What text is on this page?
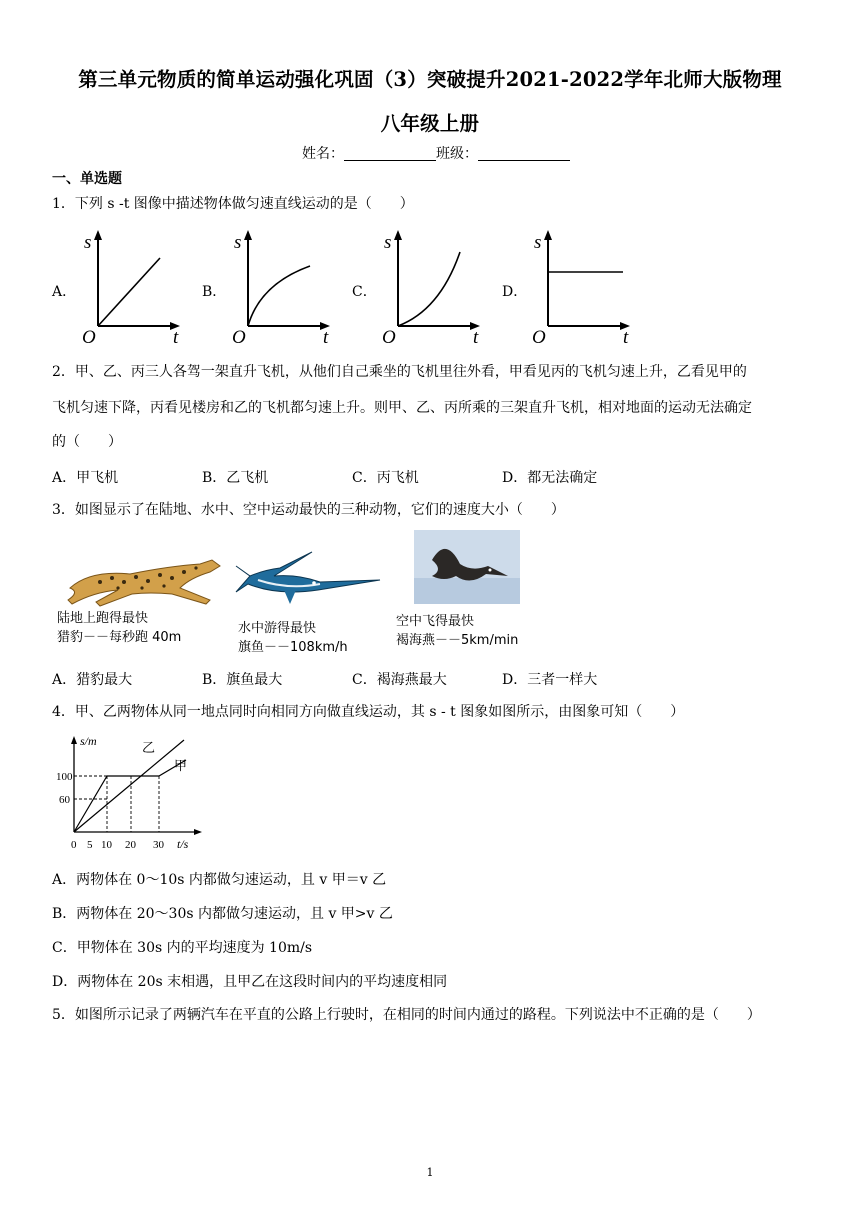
第三单元物质的简单运动强化巩固（3）突破提升2021-2022学年北师大版物理
八年级上册
姓名：	班级：
一、单选题
1．下列 s -t 图像中描述物体做匀速直线运动的是（　　）
A．	B．	C．	D．
s
O	t
s
O	t
s
O	t
s
O	t
2．甲、乙、丙三人各驾一架直升飞机，从他们自己乘坐的飞机里往外看，甲看见丙的飞机匀速上升，乙看见甲的
飞机匀速下降，丙看见楼房和乙的飞机都匀速上升。则甲、乙、丙所乘的三架直升飞机，相对地面的运动无法确定
的（　　）
A．甲飞机	B．乙飞机	C．丙飞机	D．都无法确定
3．如图显示了在陆地、水中、空中运动最快的三种动物，它们的速度大小（　　）
陆地上跑得最快
猎豹－－每秒跑 40m
水中游得最快
旗鱼－－108km/h
空中飞得最快
褐海燕－－5km/min
A．猎豹最大	B．旗鱼最大	C．褐海燕最大	D．三者一样大
4．甲、乙两物体从同一地点同时向相同方向做直线运动，其 s - t 图象如图所示，由图象可知（　　）
s/m
100
60
0 5 10 20 30 t/s
乙
甲
A．两物体在 0～10s 内都做匀速运动，且 v 甲＝v 乙
B．两物体在 20～30s 内都做匀速运动，且 v 甲>v 乙
C．甲物体在 30s 内的平均速度为 10m/s
D．两物体在 20s 末相遇，且甲乙在这段时间内的平均速度相同
5．如图所示记录了两辆汽车在平直的公路上行驶时，在相同的时间内通过的路程。下列说法中不正确的是（　　）
1
